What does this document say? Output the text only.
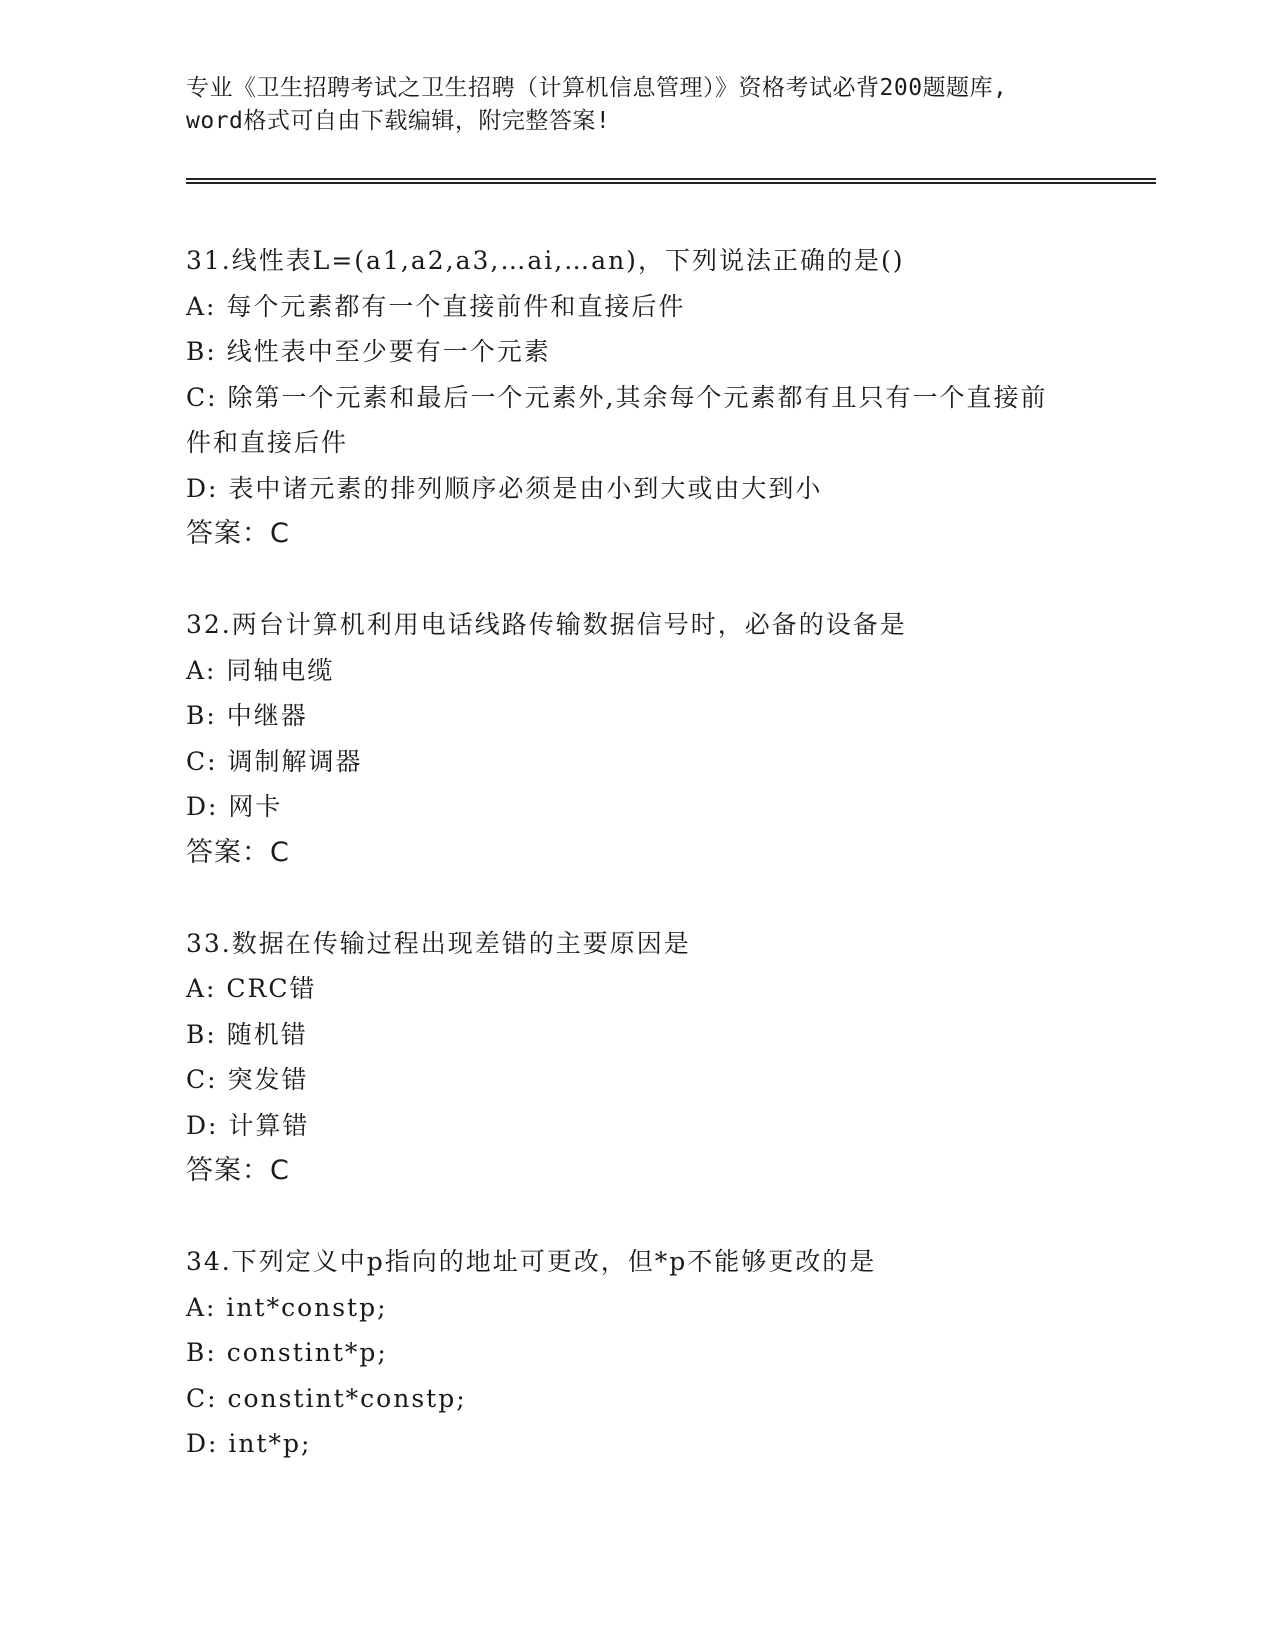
专业《卫生招聘考试之卫生招聘（计算机信息管理）》资格考试必背200题题库,
word格式可自由下载编辑，附完整答案!
31.线性表L=(a1,a2,a3,…ai,…an)，下列说法正确的是()
A: 每个元素都有一个直接前件和直接后件
B: 线性表中至少要有一个元素
C: 除第一个元素和最后一个元素外,其余每个元素都有且只有一个直接前件和直接后件
D: 表中诸元素的排列顺序必须是由小到大或由大到小
答案：C
32.两台计算机利用电话线路传输数据信号时，必备的设备是
A: 同轴电缆
B: 中继器
C: 调制解调器
D: 网卡
答案：C
33.数据在传输过程出现差错的主要原因是
A: CRC错
B: 随机错
C: 突发错
D: 计算错
答案：C
34.下列定义中p指向的地址可更改，但*p不能够更改的是
A: int*constp;
B: constint*p;
C: constint*constp;
D: int*p;
